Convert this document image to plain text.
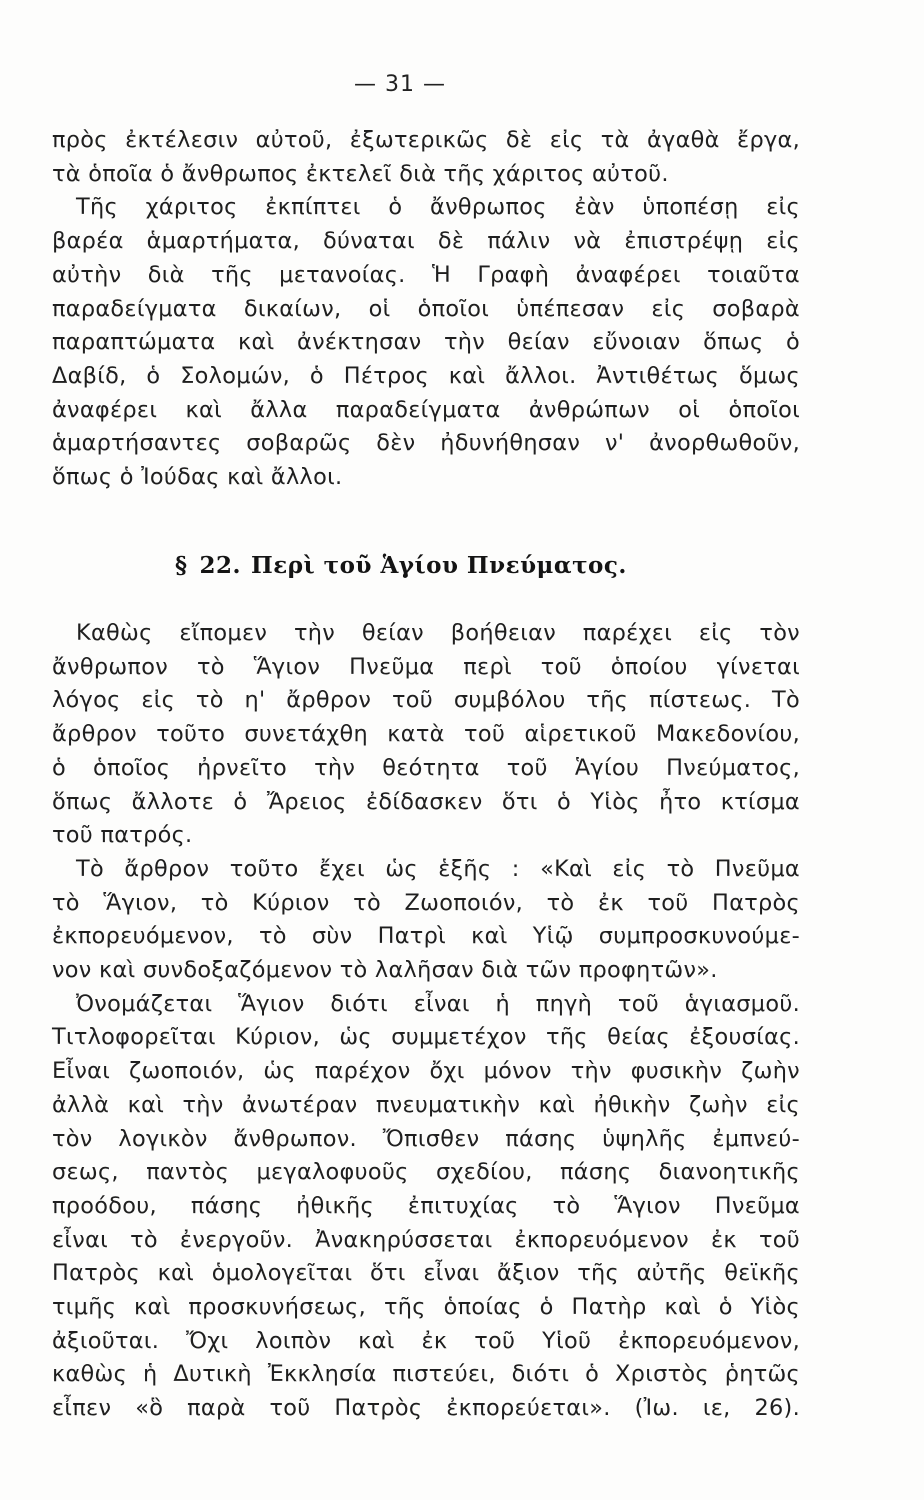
— 31 —
πρὸς ἐκτέλεσιν αὐτοῦ, ἐξωτερικῶς δὲ εἰς τὰ ἀγαθὰ ἔργα,
τὰ ὁποῖα ὁ ἄνθρωπος ἐκτελεῖ διὰ τῆς χάριτος αὐτοῦ.
Τῆς χάριτος ἐκπίπτει ὁ ἄνθρωπος ἐὰν ὑποπέσῃ εἰς
βαρέα ἁμαρτήματα, δύναται δὲ πάλιν νὰ ἐπιστρέψῃ εἰς
αὐτὴν διὰ τῆς μετανοίας. Ἡ Γραφὴ ἀναφέρει τοιαῦτα
παραδείγματα δικαίων, οἱ ὁποῖοι ὑπέπεσαν εἰς σοβαρὰ
παραπτώματα καὶ ἀνέκτησαν τὴν θείαν εὔνοιαν ὅπως ὁ
Δαβίδ, ὁ Σολομών, ὁ Πέτρος καὶ ἄλλοι. Ἀντιθέτως ὅμως
ἀναφέρει καὶ ἄλλα παραδείγματα ἀνθρώπων οἱ ὁποῖοι
ἁμαρτήσαντες σοβαρῶς δὲν ἠδυνήθησαν ν' ἀνορθωθοῦν,
ὅπως ὁ Ἰούδας καὶ ἄλλοι.
§ 22. Περὶ τοῦ Ἁγίου Πνεύματος.
Καθὼς εἴπομεν τὴν θείαν βοήθειαν παρέχει εἰς τὸν
ἄνθρωπον τὸ Ἅγιον Πνεῦμα περὶ τοῦ ὁποίου γίνεται
λόγος εἰς τὸ η' ἄρθρον τοῦ συμβόλου τῆς πίστεως. Τὸ
ἄρθρον τοῦτο συνετάχθη κατὰ τοῦ αἱρετικοῦ Μακεδονίου,
ὁ ὁποῖος ἠρνεῖτο τὴν θεότητα τοῦ Ἁγίου Πνεύματος,
ὅπως ἄλλοτε ὁ Ἄρειος ἐδίδασκεν ὅτι ὁ Υἱὸς ἦτο κτίσμα
τοῦ πατρός.
Τὸ ἄρθρον τοῦτο ἔχει ὡς ἑξῆς : «Καὶ εἰς τὸ Πνεῦμα
τὸ Ἅγιον, τὸ Κύριον τὸ Ζωοποιόν, τὸ ἐκ τοῦ Πατρὸς
ἐκπορευόμενον, τὸ σὺν Πατρὶ καὶ Υἱῷ συμπροσκυνούμε-
νον καὶ συνδοξαζόμενον τὸ λαλῆσαν διὰ τῶν προφητῶν».
Ὀνομάζεται Ἅγιον διότι εἶναι ἡ πηγὴ τοῦ ἁγιασμοῦ.
Τιτλοφορεῖται Κύριον, ὡς συμμετέχον τῆς θείας ἐξουσίας.
Εἶναι ζωοποιόν, ὡς παρέχον ὄχι μόνον τὴν φυσικὴν ζωὴν
ἀλλὰ καὶ τὴν ἀνωτέραν πνευματικὴν καὶ ἠθικὴν ζωὴν εἰς
τὸν λογικὸν ἄνθρωπον. Ὄπισθεν πάσης ὑψηλῆς ἐμπνεύ-
σεως, παντὸς μεγαλοφυοῦς σχεδίου, πάσης διανοητικῆς
προόδου, πάσης ἠθικῆς ἐπιτυχίας τὸ Ἅγιον Πνεῦμα
εἶναι τὸ ἐνεργοῦν. Ἀνακηρύσσεται ἐκπορευόμενον ἐκ τοῦ
Πατρὸς καὶ ὁμολογεῖται ὅτι εἶναι ἄξιον τῆς αὐτῆς θεϊκῆς
τιμῆς καὶ προσκυνήσεως, τῆς ὁποίας ὁ Πατὴρ καὶ ὁ Υἱὸς
ἀξιοῦται. Ὄχι λοιπὸν καὶ ἐκ τοῦ Υἱοῦ ἐκπορευόμενον,
καθὼς ἡ Δυτικὴ Ἐκκλησία πιστεύει, διότι ὁ Χριστὸς ῥητῶς
εἶπεν «ὃ παρὰ τοῦ Πατρὸς ἐκπορεύεται». (Ἰω. ιε, 26).
